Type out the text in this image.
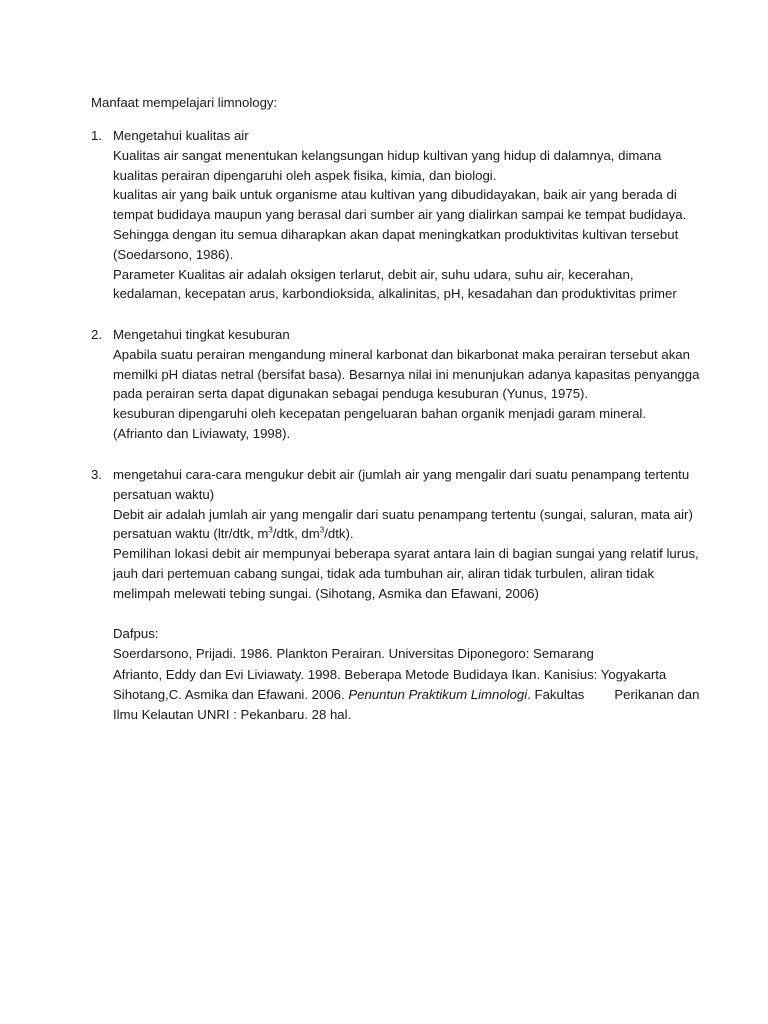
Manfaat mempelajari limnology:
1. Mengetahui kualitas air
Kualitas air sangat menentukan kelangsungan hidup kultivan yang hidup di dalamnya, dimana
kualitas perairan dipengaruhi oleh aspek fisika, kimia, dan biologi.
kualitas air yang baik untuk organisme atau kultivan yang dibudidayakan, baik air yang berada di
tempat budidaya maupun yang berasal dari sumber air yang dialirkan sampai ke tempat budidaya.
Sehingga dengan itu semua diharapkan akan dapat meningkatkan produktivitas kultivan tersebut
(Soedarsono, 1986).
Parameter Kualitas air adalah oksigen terlarut, debit air, suhu udara, suhu air, kecerahan,
kedalaman, kecepatan arus, karbondioksida, alkalinitas, pH, kesadahan dan produktivitas primer
2. Mengetahui tingkat kesuburan
Apabila suatu perairan mengandung mineral karbonat dan bikarbonat maka perairan tersebut akan
memilki pH diatas netral (bersifat basa). Besarnya nilai ini menunjukan adanya kapasitas penyangga
pada perairan serta dapat digunakan sebagai penduga kesuburan (Yunus, 1975).
kesuburan dipengaruhi oleh kecepatan pengeluaran bahan organik menjadi garam mineral.
(Afrianto dan Liviawaty, 1998).
3. mengetahui cara-cara mengukur debit air (jumlah air yang mengalir dari suatu penampang tertentu
persatuan waktu)
Debit air adalah jumlah air yang mengalir dari suatu penampang tertentu (sungai, saluran, mata air)
persatuan waktu (ltr/dtk, $m^3$/dtk, $dm^3/dtk$).
Pemilihan lokasi debit air mempunyai beberapa syarat antara lain di bagian sungai yang relatif lurus,
jauh dari pertemuan cabang sungai, tidak ada tumbuhan air, aliran tidak turbulen, aliran tidak
melimpah melewati tebing sungai. (Sihotang, Asmika dan Efawani, 2006)
Dafpus:
Soerdarsono, Prijadi. 1986. Plankton Perairan. Universitas Diponegoro: Semarang
Afrianto, Eddy dan Evi Liviawaty. 1998. Beberapa Metode Budidaya Ikan. Kanisius: Yogyakarta
Sihotang,C. Asmika dan Efawani. 2006. Penuntun Praktikum Limnologi. Fakultas Perikanan dan
Ilmu Kelautan UNRI : Pekanbaru. 28 hal.
